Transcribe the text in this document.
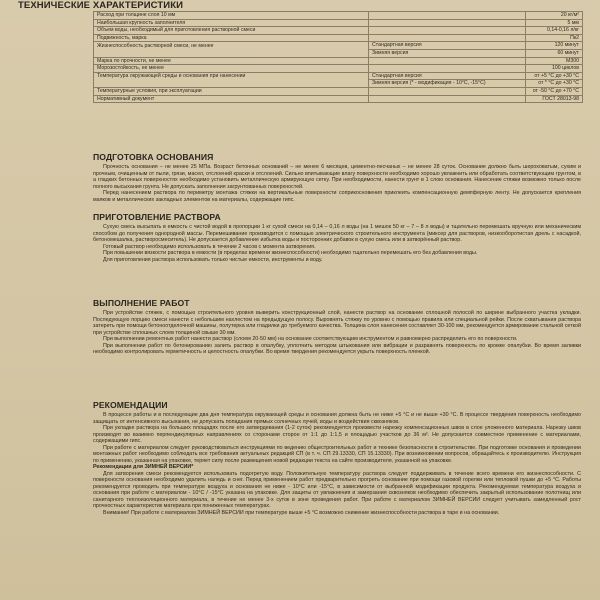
ТЕХНИЧЕСКИЕ ХАРАКТЕРИСТИКИ
Расход при толщине слоя 10 мм		20 кг/м²
Наибольшая крупность заполнителя		5 мм
Объем воды, необходимый для приготовления растворной смеси		0,14-0,16 л/кг
Подвижность, марка		Пк2
Жизнеспособность растворной смеси, не менее	Стандартная версия	120 минут
	Зимняя версия	60 минут
Марка по прочности, не менее		М300
Морозостойкость, не менее		100 циклов
Температура окружающей среды и основания при нанесении	Стандартная версия	от +5 °С до +30 °С
	Зимняя версия (* - модификация - 10°С, -15°С)	от * °С до +30 °С
Температурные условия, при эксплуатации		от -50 °С до +70 °С
Нормативный документ		ГОСТ 28013-98
ПОДГОТОВКА ОСНОВАНИЯ

Прочность основания – не менее 25 МПа. Возраст бетонных оснований – не менее 6 месяцев, цементно-песчаных – не менее 28 суток. Основание должно быть шероховатым, сухим и прочным, очищенным от пыли, грязи, масел, отслоений краски и отслоений. Сильно впитывающие влагу поверхности необходимо хорошо увлажнить или обработать соответствующим грунтом, в а гладких бетонных поверхностях необходимо установить металлическую армирующую сетку. При необходимости, нанести грунт в 1 слою основания. Нанесение стяжки возможно только после полного высыхания грунта. Не допускать заполнения загрунтованных поверхностей.

Перед нанесением раствора по периметру монтажа стяжки на вертикальные поверхности соприкосновения приклеить компенсационную демпферную ленту. Не допускается крепления маяков и металлических закладных элементов на материалы, содержащие гипс.

ПРИГОТОВЛЕНИЕ РАСТВОРА

Сухую смесь высыпать в емкость с чистой водой в пропорции 1 кг сухой смеси на 0,14 – 0,16 л воды (на 1 мешок 50 кг – 7 – 8 л воды) и тщательно перемешать вручную или механическим способом до получения однородной массы. Перемешивание производится с помощью электрического строительного инструмента (миксер для растворов, низкооборотистая дрель с насадкой, бетономешалка, растворосмеситель). Не допускается добавление избытка воды и посторонних добавок в сухую смесь или в затворённый раствор.

Готовый раствор необходимо использовать в течение 2 часов с момента затворения.

При повышении вязкости раствора в емкости (в пределах времени жизнеспособности) необходимо тщательно перемешать его без добавления воды.

Для приготовления раствора использовать только чистые емкости, инструменты и воду.

ВЫПОЛНЕНИЕ РАБОТ

При устройстве стяжек, с помощью строительного уровня выверить конструкционный слой, нанести раствор на основание сплошной полосой по ширине выбранного участка укладки. Последующую порцию смеси нанести с небольшим нахлестом на предыдущую полосу. Выровнять стяжку по уровню с помощью правила или специальной рейки. После схватывания раствора затереть при помощи бетоноотделочной машины, полутерка или гладилки до требуемого качества. Толщина слоя нанесения составляет 30-100 мм, рекомендуется армирование стальной сеткой при устройстве сплошных слоев толщиной свыше 30 мм.

При выполнении ремонтных работ нанести раствор (слоем 20-50 мм) на основание соответствующим инструментом и равномерно распределить его по поверхности.

При выполнении работ по бетонированию залить раствор в опалубку, уплотнить методом штыкования или вибрации и разравнять поверхность по кромке опалубки. Во время заливки необходимо контролировать герметичность и целостность опалубки. Во время твердения рекомендуется укрыть поверхность пленкой.

РЕКОМЕНДАЦИИ

В процессе работы и в последующие два дня температура окружающей среды и основания должна быть не ниже +5 °С и не выше +30 °С. В процессе твердения поверхность необходимо защищать от интенсивного высыхания, не допускать попадания прямых солнечных лучей, воды и воздействия сквозняков.

При укладке раствора на больших площадях после его затвердевания (1-2 суток) рекомендуется произвести нарезку компенсационных швов в слое уложенного материала. Нарезку швов производят во взаимно перпендикулярных направлениях со сторонами сторон от 1:1 до 1:1,5 и площадью участков до 36 м². Не допускается совместное применение с материалами, содержащими гипс.

При работе с материалом следует руководствоваться инструкциями по ведению общестроительных работ и технике безопасности в строительстве. При подготовке основания и проведении монтажных работ необходимо соблюдать все требования актуальных редакций СП (в т. ч. СП 29.13330, СП 15.13330). При возникновении вопросов, обращайтесь к производителю. Инструкция по применению, указанная на упаковке, теряет силу после размещения новой редакции текста на сайте производителя, указанной на упаковке.

Рекомендации для ЗИМНЕЙ ВЕРСИИ*

Для затворения смеси рекомендуется использовать подогретую воду. Положительную температуру раствора следует поддерживать в течение всего времени его жизнеспособности. С поверхности основания необходимо удалить наледь и снег. Перед применением работ предварительно прогреть основание при помощи газовой горелки или тепловой пушки до +5 °С. Работы рекомендуется проводить при температуре воздуха и основания не ниже - 10°С или -15°С, в зависимости от выбранной модификации продукта. Рекомендуемая температура воздуха и основания при работе с материалом - 10°С / -15°С указана на упаковке. Для защиты от увлажнения и замерзания сквозняков необходимо обеспечить закрытый использование полотнищ или санитарного теплоизоляционного материала, в течение не менее 3-х суток в зоне проведения работ. При работе с материалом ЗИМНЕЙ ВЕРСИИ следует учитывать замедленный рост прочностных характеристик материала при пониженных температурах.

Внимание! При работе с материалом ЗИМНЕЙ ВЕРСИИ при температуре выше +5 °С возможно снижение жизнеспособности раствора в таре и на основании.
